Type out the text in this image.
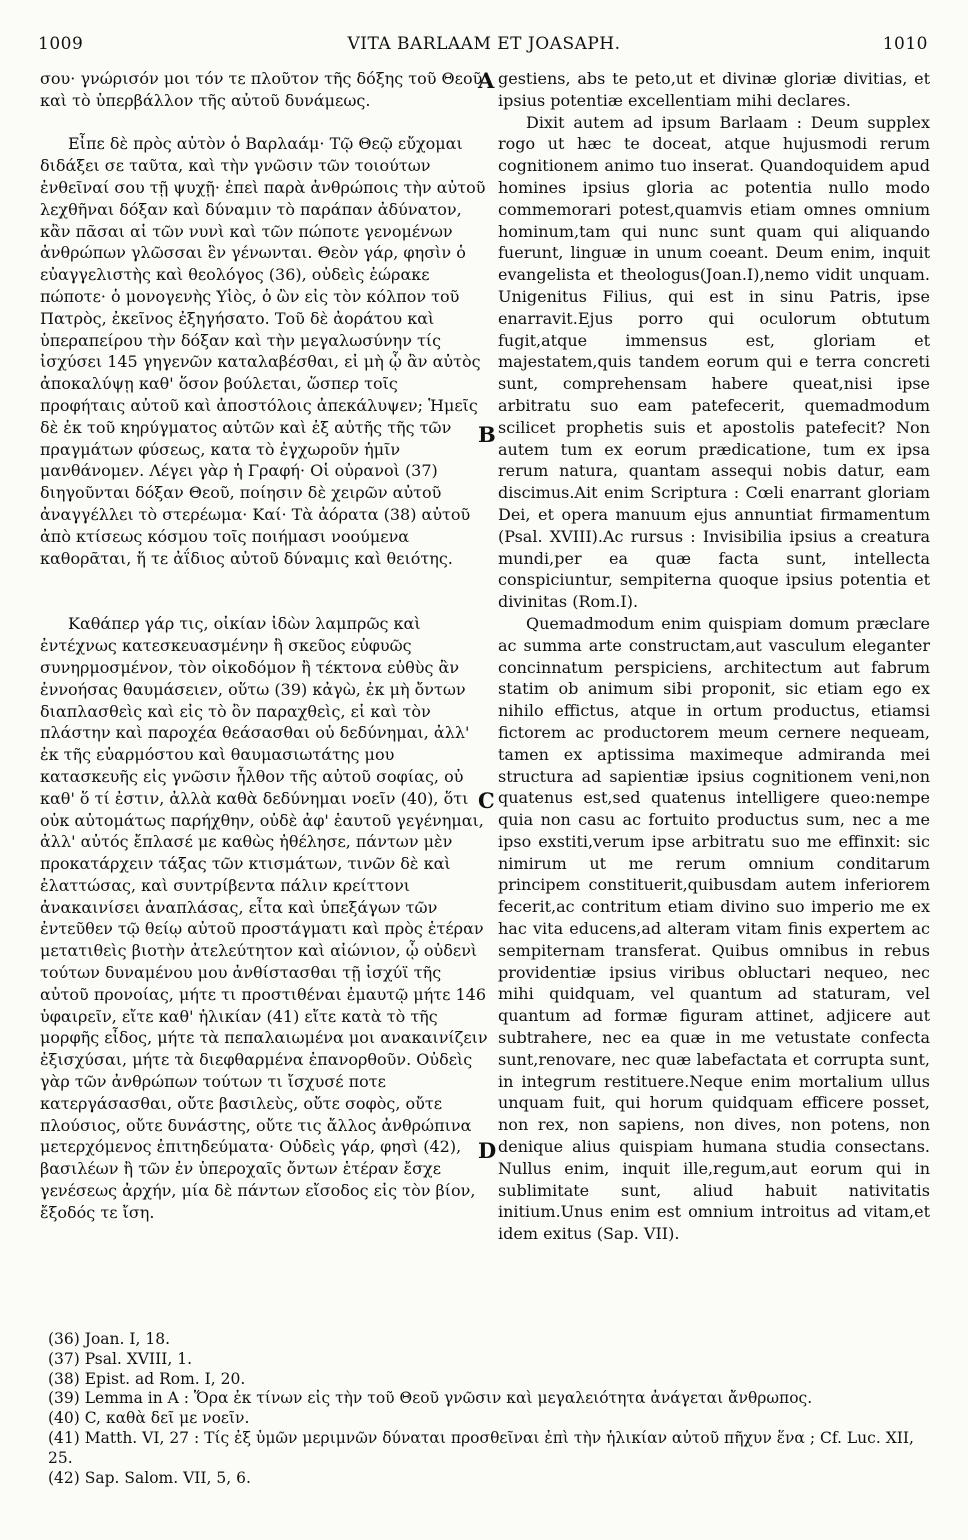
1009	VITA BARLAAM ET JOASAPH.	1010

σου· γνώρισόν μοι τόν τε πλοῦτον τῆς δόξης τοῦ Θεοῦ καὶ τὸ ὑπερβάλλον τῆς αὐτοῦ δυνάμεως.

Εἶπε δὲ πρὸς αὐτὸν ὁ Βαρλαάμ· Τῷ Θεῷ εὔχομαι διδάξει σε ταῦτα, καὶ τὴν γνῶσιν τῶν τοιούτων ἐνθεῖναί σου τῇ ψυχῇ· ἐπεὶ παρὰ ἀνθρώποις τὴν αὐτοῦ λεχθῆναι δόξαν καὶ δύναμιν τὸ παράπαν ἀδύνατον, κἂν πᾶσαι αἱ τῶν νυνὶ καὶ τῶν πώποτε γενομένων ἀνθρώπων γλῶσσαι ἓν γένωνται. Θεὸν γάρ, φησὶν ὁ εὐαγγελιστὴς καὶ θεολόγος (36), οὐδεὶς ἑώρακε πώποτε· ὁ μονογενὴς Υἱὸς, ὁ ὢν εἰς τὸν κόλπον τοῦ Πατρὸς, ἐκεῖνος ἐξηγήσατο. Τοῦ δὲ ἀοράτου καὶ ὑπεραπείρου τὴν δόξαν καὶ τὴν μεγαλωσύνην τίς ἰσχύσει 145 γηγενῶν καταλαβέσθαι, εἰ μὴ ᾧ ἂν αὐτὸς ἀποκαλύψῃ καθ' ὅσον βούλεται, ὥσπερ τοῖς προφήταις αὐτοῦ καὶ ἀποστόλοις ἀπεκάλυψεν; Ἡμεῖς δὲ ἐκ τοῦ κηρύγματος αὐτῶν καὶ ἐξ αὐτῆς τῆς τῶν πραγμάτων φύσεως, κατα τὸ ἐγχωροῦν ἡμῖν μανθάνομεν. Λέγει γὰρ ἡ Γραφή· Οἱ οὐρανοὶ (37) διηγοῦνται δόξαν Θεοῦ, ποίησιν δὲ χειρῶν αὐτοῦ ἀναγγέλλει τὸ στερέωμα· Καί· Τὰ ἀόρατα (38) αὐτοῦ ἀπὸ κτίσεως κόσμου τοῖς ποιήμασι νοούμενα καθορᾶται, ἥ τε ἀΐδιος αὐτοῦ δύναμις καὶ θειότης.

Καθάπερ γάρ τις, οἰκίαν ἰδὼν λαμπρῶς καὶ ἐντέχνως κατεσκευασμένην ἢ σκεῦος εὐφυῶς συνηρμοσμένον, τὸν οἰκοδόμον ἢ τέκτονα εὐθὺς ἂν ἐννοήσας θαυμάσειεν, οὕτω (39) κἀγὼ, ἐκ μὴ ὄντων διαπλασθεὶς καὶ εἰς τὸ ὂν παραχθεὶς, εἰ καὶ τὸν πλάστην καὶ παροχέα θεάσασθαι οὐ δεδύνημαι, ἀλλ' ἐκ τῆς εὐαρμόστου καὶ θαυμασιωτάτης μου κατασκευῆς εἰς γνῶσιν ἦλθον τῆς αὐτοῦ σοφίας, οὐ καθ' ὅ τί ἐστιν, ἀλλὰ καθὰ δεδύνημαι νοεῖν (40), ὅτι οὐκ αὐτομάτως παρήχθην, οὐδὲ ἀφ' ἑαυτοῦ γεγένημαι, ἀλλ' αὐτός ἔπλασέ με καθὼς ἠθέλησε, πάντων μὲν προκατάρχειν τάξας τῶν κτισμάτων, τινῶν δὲ καὶ ἐλαττώσας, καὶ συντρίβεντα πάλιν κρείττονι ἀνακαινίσει ἀναπλάσας, εἶτα καὶ ὑπεξάγων τῶν ἐντεῦθεν τῷ θείῳ αὐτοῦ προστάγματι καὶ πρὸς ἑτέραν μετατιθεὶς βιοτὴν ἀτελεύτητον καὶ αἰώνιον, ᾧ οὐδενὶ τούτων δυναμένου μου ἀνθίστασθαι τῇ ἰσχύϊ τῆς αὐτοῦ προνοίας, μήτε τι προστιθέναι ἐμαυτῷ μήτε 146 ὑφαιρεῖν, εἴτε καθ' ἡλικίαν (41) εἴτε κατὰ τὸ τῆς μορφῆς εἶδος, μήτε τὰ πεπαλαιωμένα μοι ανακαινίζειν ἐξισχύσαι, μήτε τὰ διεφθαρμένα ἐπανορθοῦν. Οὐδεὶς γὰρ τῶν ἀνθρώπων τούτων τι ἴσχυσέ ποτε κατεργάσασθαι, οὔτε βασιλεὺς, οὔτε σοφὸς, οὔτε πλούσιος, οὔτε δυνάστης, οὔτε τις ἄλλος ἀνθρώπινα μετερχόμενος ἐπιτηδεύματα· Οὐδεὶς γάρ, φησὶ (42), βασιλέων ἢ τῶν ἐν ὑπεροχαῖς ὄντων ἑτέραν ἔσχε γενέσεως ἀρχήν, μία δὲ πάντων εἴσοδος εἰς τὸν βίον, ἔξοδός τε ἴση.

A
B
C
D

gestiens, abs te peto,ut et divinæ gloriæ divitias, et ipsius potentiæ excellentiam mihi declares.

Dixit autem ad ipsum Barlaam : Deum supplex rogo ut hæc te doceat, atque hujusmodi rerum cognitionem animo tuo inserat. Quandoquidem apud homines ipsius gloria ac potentia nullo modo commemorari potest,quamvis etiam omnes omnium hominum,tam qui nunc sunt quam qui aliquando fuerunt, linguæ in unum coeant. Deum enim, inquit evangelista et theologus(Joan.I),nemo vidit unquam. Unigenitus Filius, qui est in sinu Patris, ipse enarravit.Ejus porro qui oculorum obtutum fugit,atque immensus est, gloriam et majestatem,quis tandem eorum qui e terra concreti sunt, comprehensam habere queat,nisi ipse arbitratu suo eam patefecerit, quemadmodum scilicet prophetis suis et apostolis patefecit? Non autem tum ex eorum prædicatione, tum ex ipsa rerum natura, quantam assequi nobis datur, eam discimus.Ait enim Scriptura : Cœli enarrant gloriam Dei, et opera manuum ejus annuntiat firmamentum (Psal. XVIII).Ac rursus : Invisibilia ipsius a creatura mundi,per ea quæ facta sunt, intellecta conspiciuntur, sempiterna quoque ipsius potentia et divinitas (Rom.I).

Quemadmodum enim quispiam domum præclare ac summa arte constructam,aut vasculum eleganter concinnatum perspiciens, architectum aut fabrum statim ob animum sibi proponit, sic etiam ego ex nihilo effictus, atque in ortum productus, etiamsi fictorem ac productorem meum cernere nequeam, tamen ex aptissima maximeque admiranda mei structura ad sapientiæ ipsius cognitionem veni,non quatenus est,sed quatenus intelligere queo:nempe quia non casu ac fortuito productus sum, nec a me ipso exstiti,verum ipse arbitratu suo me effinxit: sic nimirum ut me rerum omnium conditarum principem constituerit,quibusdam autem inferiorem fecerit,ac contritum etiam divino suo imperio me ex hac vita educens,ad alteram vitam finis expertem ac sempiternam transferat. Quibus omnibus in rebus providentiæ ipsius viribus obluctari nequeo, nec mihi quidquam, vel quantum ad staturam, vel quantum ad formæ figuram attinet, adjicere aut subtrahere, nec ea quæ in me vetustate confecta sunt,renovare, nec quæ labefactata et corrupta sunt, in integrum restituere.Neque enim mortalium ullus unquam fuit, qui horum quidquam efficere posset, non rex, non sapiens, non dives, non potens, non denique alius quispiam humana studia consectans. Nullus enim, inquit ille,regum,aut eorum qui in sublimitate sunt, aliud habuit nativitatis initium.Unus enim est omnium introitus ad vitam,et idem exitus (Sap. VII).

(36) Joan. I, 18.
(37) Psal. XVIII, 1.
(38) Epist. ad Rom. I, 20.
(39) Lemma in A : Ὅρα ἐκ τίνων εἰς τὴν τοῦ Θεοῦ γνῶσιν καὶ μεγαλειότητα ἀνάγεται ἄνθρωπος.
(40) C, καθὰ δεῖ με νοεῖν.
(41) Matth. VI, 27 : Τίς ἐξ ὑμῶν μεριμνῶν δύναται προσθεῖναι ἐπὶ τὴν ἡλικίαν αὐτοῦ πῆχυν ἕνα ; Cf. Luc. XII, 25.
(42) Sap. Salom. VII, 5, 6.
